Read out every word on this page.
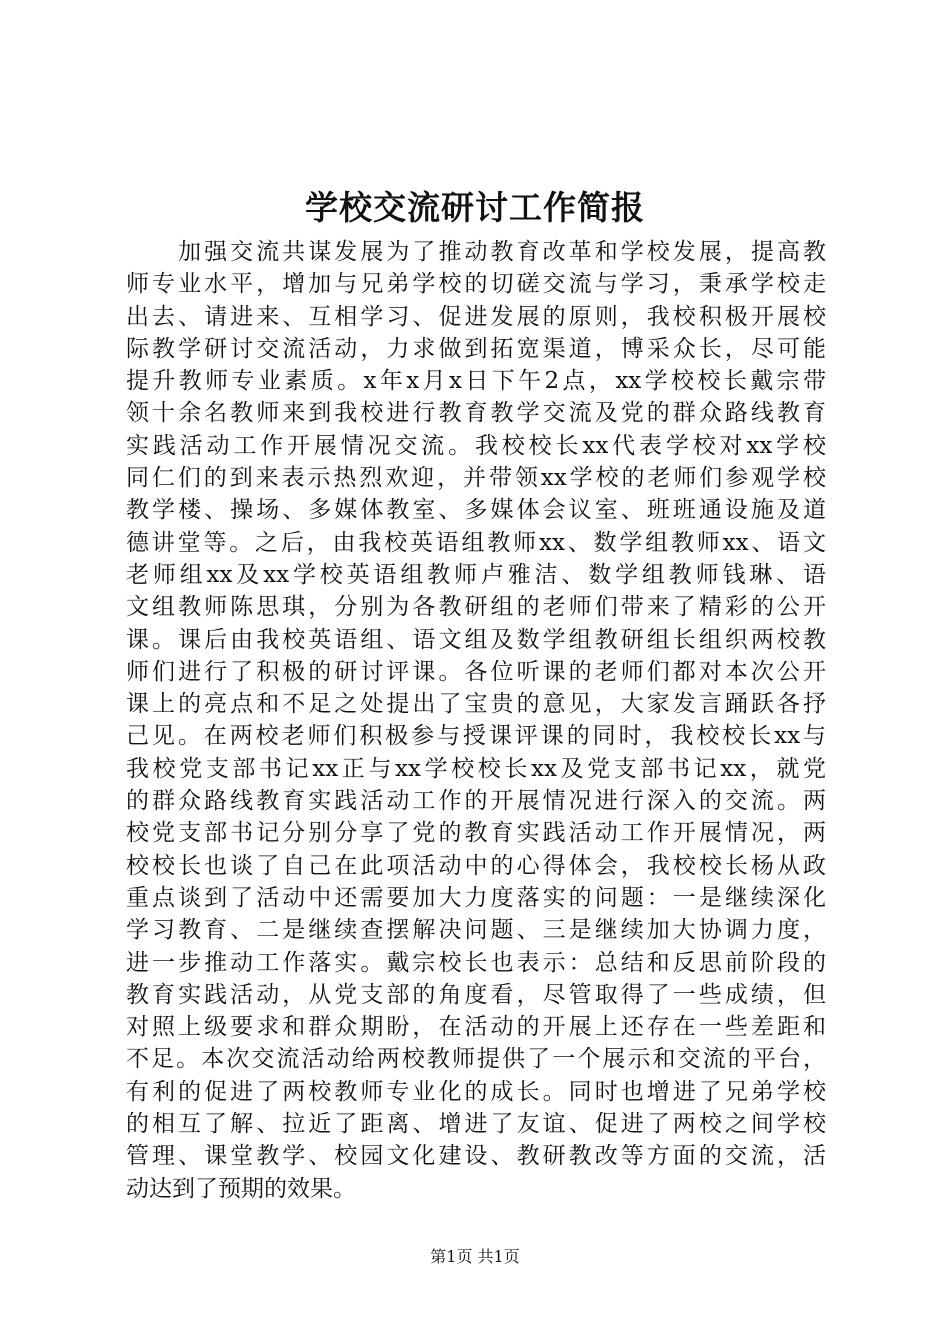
学校交流研讨工作简报
　　加强交流共谋发展为了推动教育改革和学校发展，提高教
师专业水平，增加与兄弟学校的切磋交流与学习，秉承学校走
出去、请进来、互相学习、促进发展的原则，我校积极开展校
际教学研讨交流活动，力求做到拓宽渠道，博采众长，尽可能
提升教师专业素质。x年x月x日下午2点，xx学校校长戴宗带
领十余名教师来到我校进行教育教学交流及党的群众路线教育
实践活动工作开展情况交流。我校校长xx代表学校对xx学校
同仁们的到来表示热烈欢迎，并带领xx学校的老师们参观学校
教学楼、操场、多媒体教室、多媒体会议室、班班通设施及道
德讲堂等。之后，由我校英语组教师xx、数学组教师xx、语文
老师组xx及xx学校英语组教师卢雅洁、数学组教师钱琳、语
文组教师陈思琪，分别为各教研组的老师们带来了精彩的公开
课。课后由我校英语组、语文组及数学组教研组长组织两校教
师们进行了积极的研讨评课。各位听课的老师们都对本次公开
课上的亮点和不足之处提出了宝贵的意见，大家发言踊跃各抒
己见。在两校老师们积极参与授课评课的同时，我校校长xx与
我校党支部书记xx正与xx学校校长xx及党支部书记xx，就党
的群众路线教育实践活动工作的开展情况进行深入的交流。两
校党支部书记分别分享了党的教育实践活动工作开展情况，两
校校长也谈了自己在此项活动中的心得体会，我校校长杨从政
重点谈到了活动中还需要加大力度落实的问题：一是继续深化
学习教育、二是继续查摆解决问题、三是继续加大协调力度，
进一步推动工作落实。戴宗校长也表示：总结和反思前阶段的
教育实践活动，从党支部的角度看，尽管取得了一些成绩，但
对照上级要求和群众期盼，在活动的开展上还存在一些差距和
不足。本次交流活动给两校教师提供了一个展示和交流的平台，
有利的促进了两校教师专业化的成长。同时也增进了兄弟学校
的相互了解、拉近了距离、增进了友谊、促进了两校之间学校
管理、课堂教学、校园文化建设、教研教改等方面的交流，活
动达到了预期的效果。
第1页 共1页
